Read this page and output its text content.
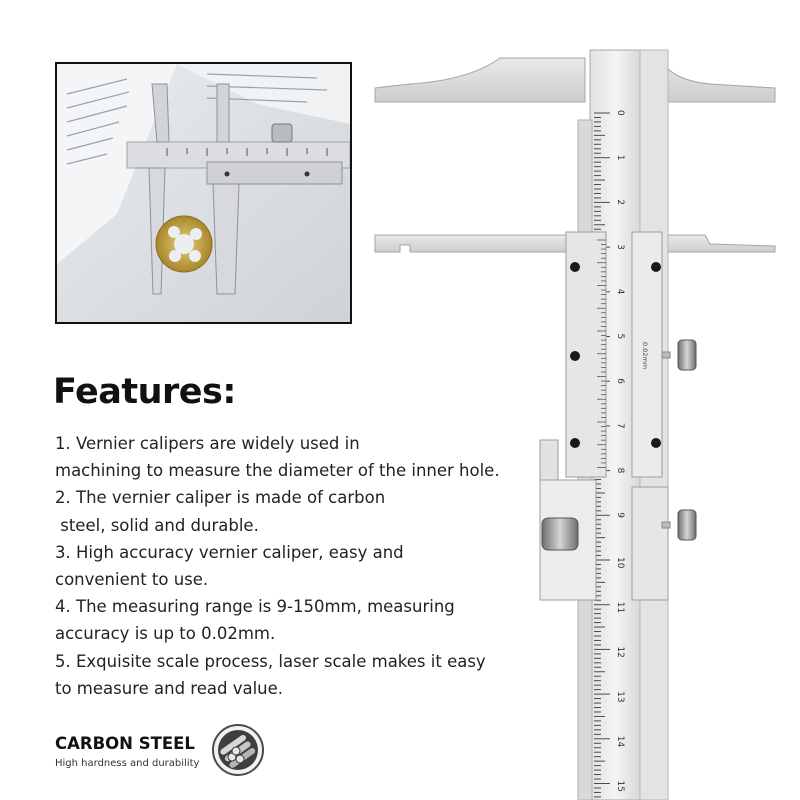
Features:
1. Vernier calipers are widely used in
machining to measure the diameter of the inner hole.
2. The vernier caliper is made of carbon
steel, solid and durable.
3. High accuracy vernier caliper, easy and
convenient to use.
4. The measuring range is 9-150mm, measuring
accuracy is up to 0.02mm.
5. Exquisite scale process, laser scale makes it easy
to measure and read value.
CARBON STEEL
High hardness and durability
0
1
2
3
4
5
6
7
8
9
10
11
12
13
14
15
0.02mm
